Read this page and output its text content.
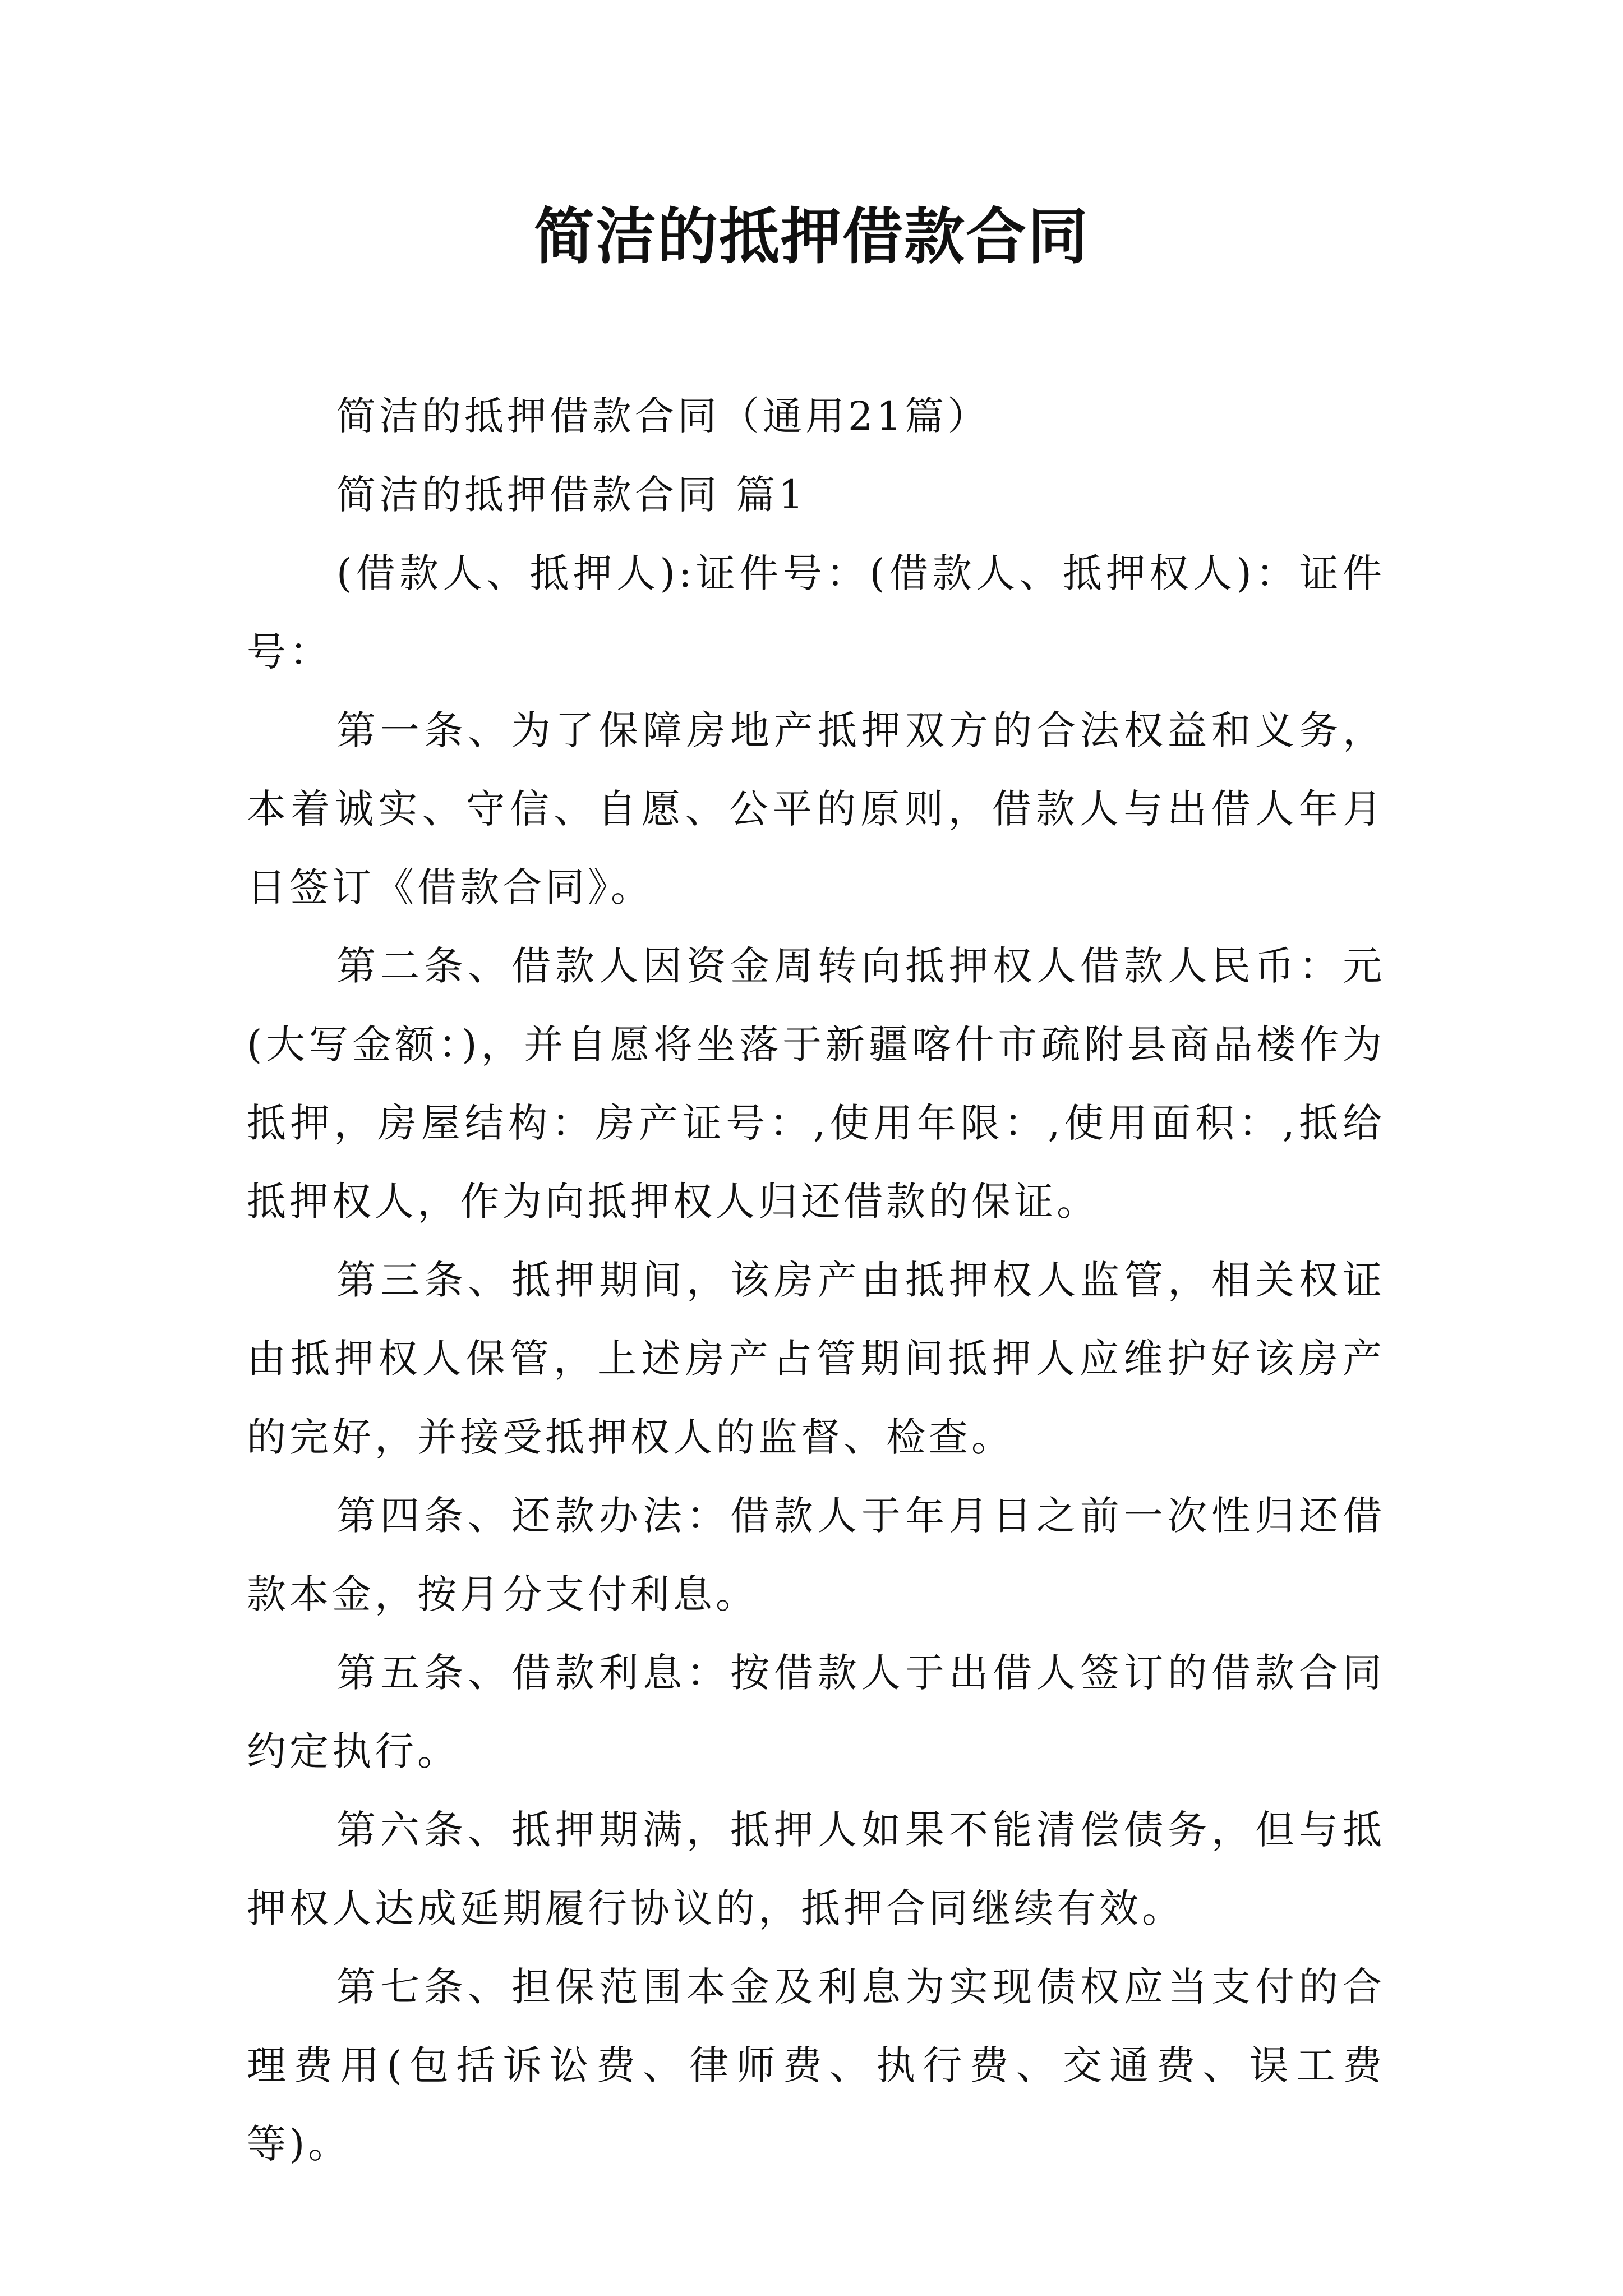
简洁的抵押借款合同

简洁的抵押借款合同（通用21篇）

简洁的抵押借款合同 篇1

(借款人、抵押人):证件号：(借款人、抵押权人)：证件号：

第一条、为了保障房地产抵押双方的合法权益和义务，本着诚实、守信、自愿、公平的原则，借款人与出借人年月日签订《借款合同》。

第二条、借款人因资金周转向抵押权人借款人民币：元(大写金额：)，并自愿将坐落于新疆喀什市疏附县商品楼作为抵押，房屋结构：房产证号：,使用年限：,使用面积：,抵给抵押权人，作为向抵押权人归还借款的保证。

第三条、抵押期间，该房产由抵押权人监管，相关权证由抵押权人保管，上述房产占管期间抵押人应维护好该房产的完好，并接受抵押权人的监督、检查。

第四条、还款办法：借款人于年月日之前一次性归还借款本金，按月分支付利息。

第五条、借款利息：按借款人于出借人签订的借款合同约定执行。

第六条、抵押期满，抵押人如果不能清偿债务，但与抵押权人达成延期履行协议的，抵押合同继续有效。

第七条、担保范围本金及利息为实现债权应当支付的合理费用(包括诉讼费、律师费、执行费、交通费、误工费等)。
